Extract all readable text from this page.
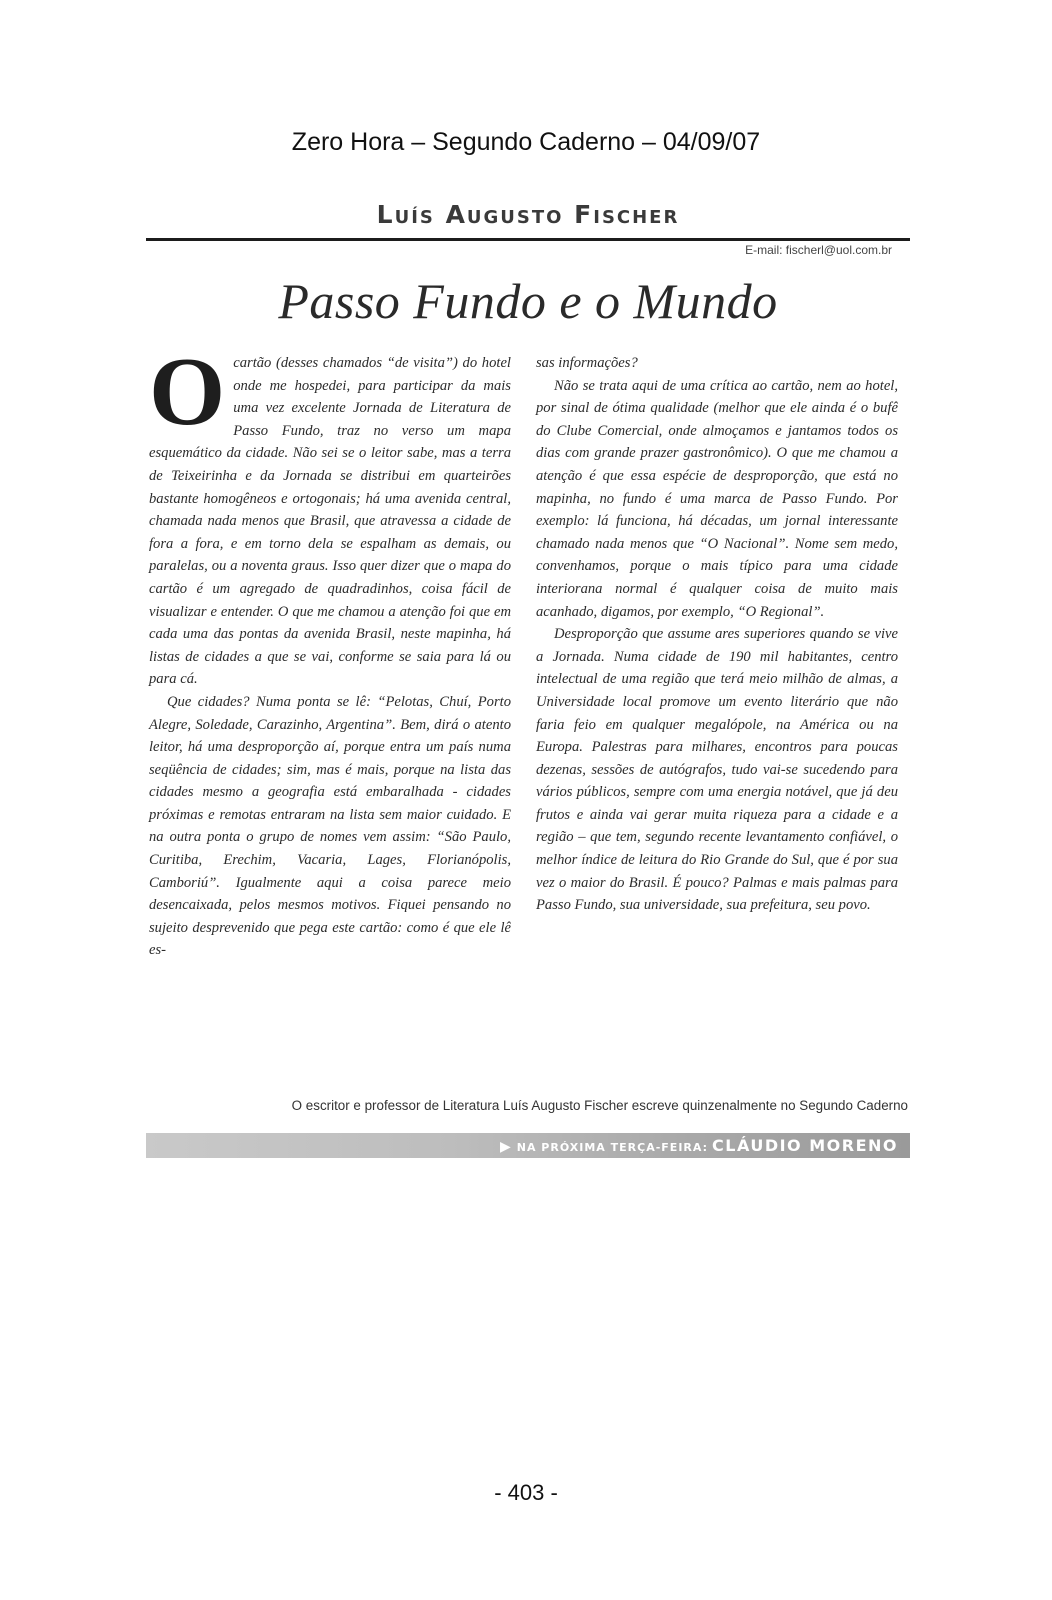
Zero Hora – Segundo Caderno – 04/09/07
Luís Augusto Fischer
E-mail: fischerl@uol.com.br
Passo Fundo e o Mundo

Ocartão (desses chamados “de visita”) do hotel onde me hospedei, para participar da mais uma vez excelente Jornada de Literatura de Passo Fundo, traz no verso um mapa esquemático da cidade. Não sei se o leitor sabe, mas a terra de Teixeirinha e da Jornada se distribui em quarteirões bastante homogêneos e ortogonais; há uma avenida central, chamada nada menos que Brasil, que atravessa a cidade de fora a fora, e em torno dela se espalham as demais, ou paralelas, ou a noventa graus. Isso quer dizer que o mapa do cartão é um agregado de quadradinhos, coisa fácil de visualizar e entender. O que me chamou a atenção foi que em cada uma das pontas da avenida Brasil, neste mapinha, há listas de cidades a que se vai, conforme se saia para lá ou para cá.

Que cidades? Numa ponta se lê: “Pelotas, Chuí, Porto Alegre, Soledade, Carazinho, Argentina”. Bem, dirá o atento leitor, há uma desproporção aí, porque entra um país numa seqüência de cidades; sim, mas é mais, porque na lista das cidades mesmo a geografia está embaralhada - cidades próximas e remotas entraram na lista sem maior cuidado. E na outra ponta o grupo de nomes vem assim: “São Paulo, Curitiba, Erechim, Vacaria, Lages, Florianópolis, Camboriú”. Igualmente aqui a coisa parece meio desencaixada, pelos mesmos motivos. Fiquei pensando no sujeito desprevenido que pega este cartão: como é que ele lê es-

sas informações?

Não se trata aqui de uma crítica ao cartão, nem ao hotel, por sinal de ótima qualidade (melhor que ele ainda é o bufê do Clube Comercial, onde almoçamos e jantamos todos os dias com grande prazer gastronômico). O que me chamou a atenção é que essa espécie de desproporção, que está no mapinha, no fundo é uma marca de Passo Fundo. Por exemplo: lá funciona, há décadas, um jornal interessante chamado nada menos que “O Nacional”. Nome sem medo, convenhamos, porque o mais típico para uma cidade interiorana normal é qualquer coisa de muito mais acanhado, digamos, por exemplo, “O Regional”.

Desproporção que assume ares superiores quando se vive a Jornada. Numa cidade de 190 mil habitantes, centro intelectual de uma região que terá meio milhão de almas, a Universidade local promove um evento literário que não faria feio em qualquer megalópole, na América ou na Europa. Palestras para milhares, encontros para poucas dezenas, sessões de autógrafos, tudo vai-se sucedendo para vários públicos, sempre com uma energia notável, que já deu frutos e ainda vai gerar muita riqueza para a cidade e a região – que tem, segundo recente levantamento confiável, o melhor índice de leitura do Rio Grande do Sul, que é por sua vez o maior do Brasil. É pouco? Palmas e mais palmas para Passo Fundo, sua universidade, sua prefeitura, seu povo.

O escritor e professor de Literatura Luís Augusto Fischer escreve quinzenalmente no Segundo Caderno
▶ NA PRÓXIMA TERÇA-FEIRA: CLÁUDIO MORENO
- 403 -
